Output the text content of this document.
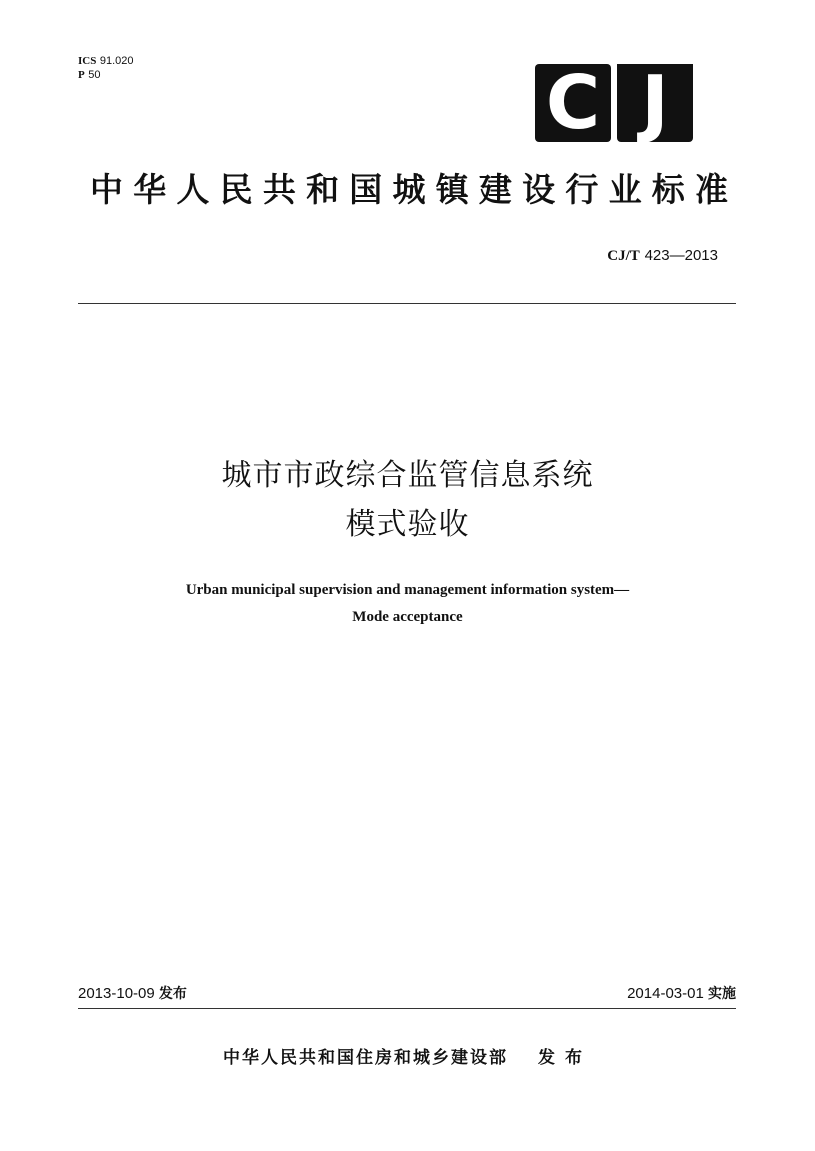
ICS 91.020
P 50	C J
中华人民共和国城镇建设行业标准
CJ/T 423—2013
城市市政综合监管信息系统
模式验收
Urban municipal supervision and management information system—
Mode acceptance
2013-10-09 发布	2014-03-01 实施
中华人民共和国住房和城乡建设部 发布
